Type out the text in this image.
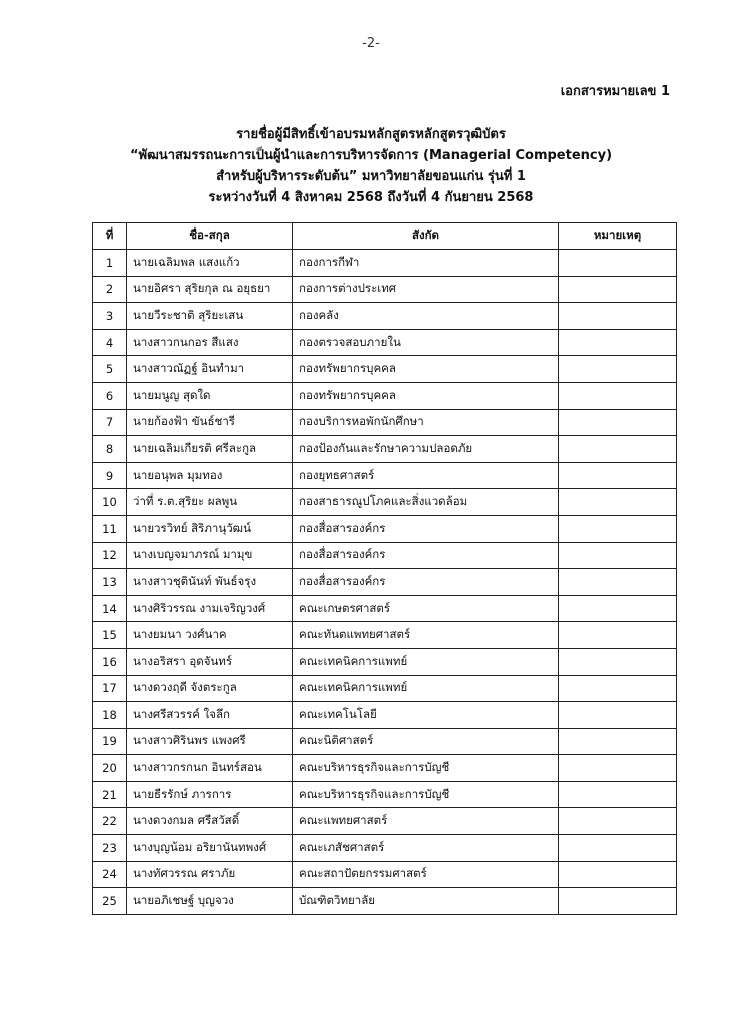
-2-
เอกสารหมายเลข 1
รายชื่อผู้มีสิทธิ์เข้าอบรมหลักสูตรหลักสูตรวุฒิบัตร
“พัฒนาสมรรถนะการเป็นผู้นำและการบริหารจัดการ (Managerial Competency)
สำหรับผู้บริหารระดับต้น” มหาวิทยาลัยขอนแก่น รุ่นที่ 1
ระหว่างวันที่ 4 สิงหาคม 2568 ถึงวันที่ 4 กันยายน 2568
ที่	ชื่อ-สกุล	สังกัด	หมายเหตุ
1	นายเฉลิมพล แสงแก้ว	กองการกีฬา	
2	นายอิศรา สุริยกุล ณ อยุธยา	กองการต่างประเทศ	
3	นายวีระชาติ สุริยะเสน	กองคลัง	
4	นางสาวกนกอร สีแสง	กองตรวจสอบภายใน	
5	นางสาวณัฏฐ์ อินทำมา	กองทรัพยากรบุคคล	
6	นายมนูญ สุดใด	กองทรัพยากรบุคคล	
7	นายก้องฟ้า ขันธ์ชารี	กองบริการหอพักนักศึกษา	
8	นายเฉลิมเกียรติ ศรีละกูล	กองป้องกันและรักษาความปลอดภัย	
9	นายอนุพล มุมทอง	กองยุทธศาสตร์	
10	ว่าที่ ร.ต.สุริยะ ผลพูน	กองสาธารณูปโภคและสิ่งแวดล้อม	
11	นายวรวิทย์ สิริภานุวัฒน์	กองสื่อสารองค์กร	
12	นางเบญจมาภรณ์ มามุข	กองสื่อสารองค์กร	
13	นางสาวชุตินันท์ พันธ์จรุง	กองสื่อสารองค์กร	
14	นางศิริวรรณ งามเจริญวงศ์	คณะเกษตรศาสตร์	
15	นางยมนา วงศ์นาค	คณะทันตแพทยศาสตร์	
16	นางอริสรา อุดจันทร์	คณะเทคนิคการแพทย์	
17	นางดวงฤดี จังตระกูล	คณะเทคนิคการแพทย์	
18	นางศรีสวรรค์ ใจลึก	คณะเทคโนโลยี	
19	นางสาวศิรินพร แพงศรี	คณะนิติศาสตร์	
20	นางสาวกรกนก อินทร์สอน	คณะบริหารธุรกิจและการบัญชี	
21	นายธีรรักษ์ ภารการ	คณะบริหารธุรกิจและการบัญชี	
22	นางดวงกมล ศรีสวัสดิ์	คณะแพทยศาสตร์	
23	นางบุญน้อม อริยานันทพงศ์	คณะเภสัชศาสตร์	
24	นางทัศวรรณ ศราภัย	คณะสถาปัตยกรรมศาสตร์	
25	นายอภิเชษฐ์ บุญจวง	บัณฑิตวิทยาลัย	
